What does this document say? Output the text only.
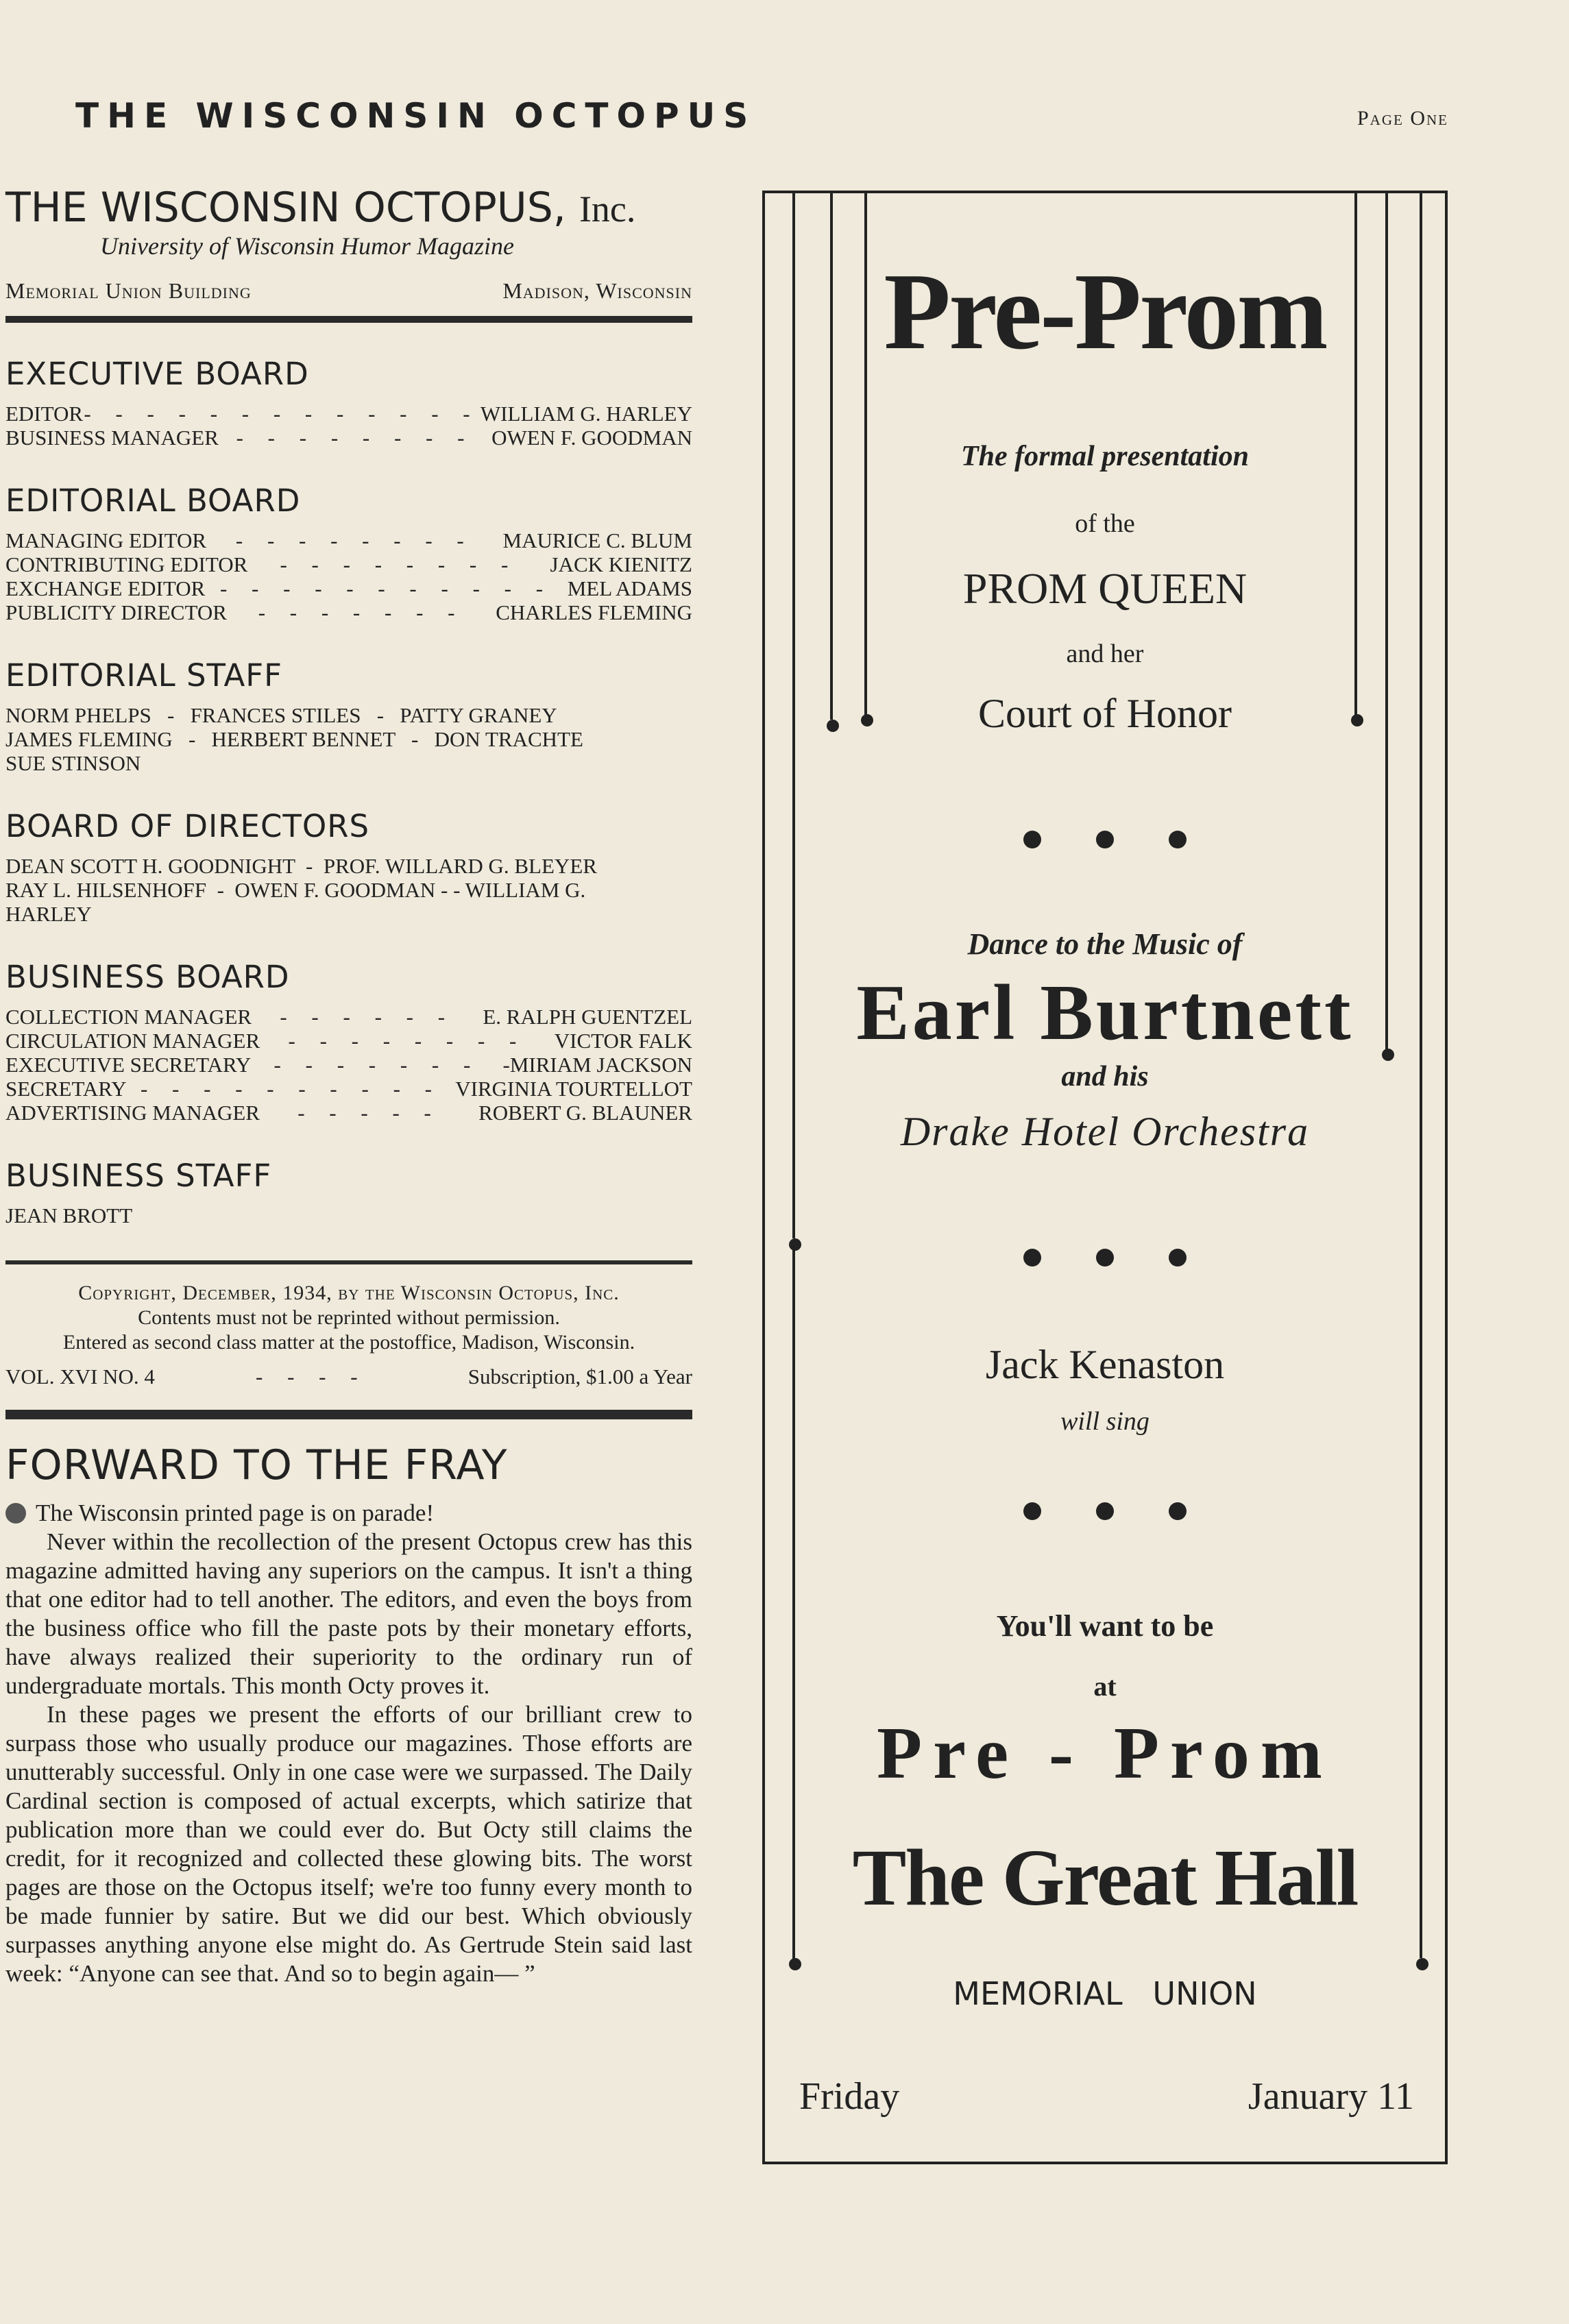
THE WISCONSIN OCTOPUS	Page One
THE WISCONSIN OCTOPUS, Inc.
University of Wisconsin Humor Magazine
Memorial Union Building	Madison, Wisconsin
EXECUTIVE BOARD
EDITOR - - - - - - - - - - - - - WILLIAM G. HARLEY
BUSINESS MANAGER - - - - - - - - OWEN F. GOODMAN
EDITORIAL BOARD
MANAGING EDITOR	- - - - - - - -	MAURICE C. BLUM
CONTRIBUTING EDITOR	- - - - - - - -	JACK KIENITZ
EXCHANGE EDITOR - - - - - - - - - - - MEL ADAMS
PUBLICITY DIRECTOR	- - - - - - -	CHARLES FLEMING
EDITORIAL STAFF
NORM PHELPS   -   FRANCES STILES   -   PATTY GRANEY
JAMES FLEMING   -   HERBERT BENNET   -   DON TRACHTE
SUE STINSON
BOARD OF DIRECTORS
DEAN SCOTT H. GOODNIGHT  -  PROF. WILLARD G. BLEYER
RAY L. HILSENHOFF  -  OWEN F. GOODMAN - - WILLIAM G.
HARLEY
BUSINESS BOARD
COLLECTION MANAGER	- - - - - -	E. RALPH GUENTZEL
CIRCULATION MANAGER	- - - - - - - -	VICTOR FALK
EXECUTIVE SECRETARY	- - - - - - -	-MIRIAM JACKSON
SECRETARY - - - - - - - - - - VIRGINIA TOURTELLOT
ADVERTISING MANAGER	- - - - -	ROBERT G. BLAUNER
BUSINESS STAFF
JEAN BROTT
Copyright, December, 1934, by the Wisconsin Octopus, Inc.
Contents must not be reprinted without permission.
Entered as second class matter at the postoffice, Madison, Wisconsin.
VOL. XVI NO. 4	- - - -	Subscription, $1.00 a Year
FORWARD TO THE FRAY

The Wisconsin printed page is on parade!

Never within the recollection of the present Octopus crew has this magazine admitted having any superiors on the campus. It isn't a thing that one editor had to tell another. The editors, and even the boys from the business office who fill the paste pots by their monetary efforts, have always realized their superiority to the ordinary run of undergraduate mortals. This month Octy proves it.

In these pages we present the efforts of our brilliant crew to surpass those who usually produce our magazines. Those efforts are unutterably successful. Only in one case were we surpassed. The Daily Cardinal section is composed of actual excerpts, which satirize that publication more than we could ever do. But Octy still claims the credit, for it recognized and collected these glowing bits. The worst pages are those on the Octopus itself; we're too funny every month to be made funnier by satire. But we did our best. Which obviously surpasses anything anyone else might do. As Gertrude Stein said last week: “Anyone can see that. And so to begin again— ”

Pre-Prom
The formal presentation
of the
PROM QUEEN
and her
Court of Honor
Dance to the Music of
Earl Burtnett
and his
Drake Hotel Orchestra
Jack Kenaston
will sing
You'll want to be
at
Pre - Prom
The Great Hall
MEMORIAL   UNION
Friday	January 11
